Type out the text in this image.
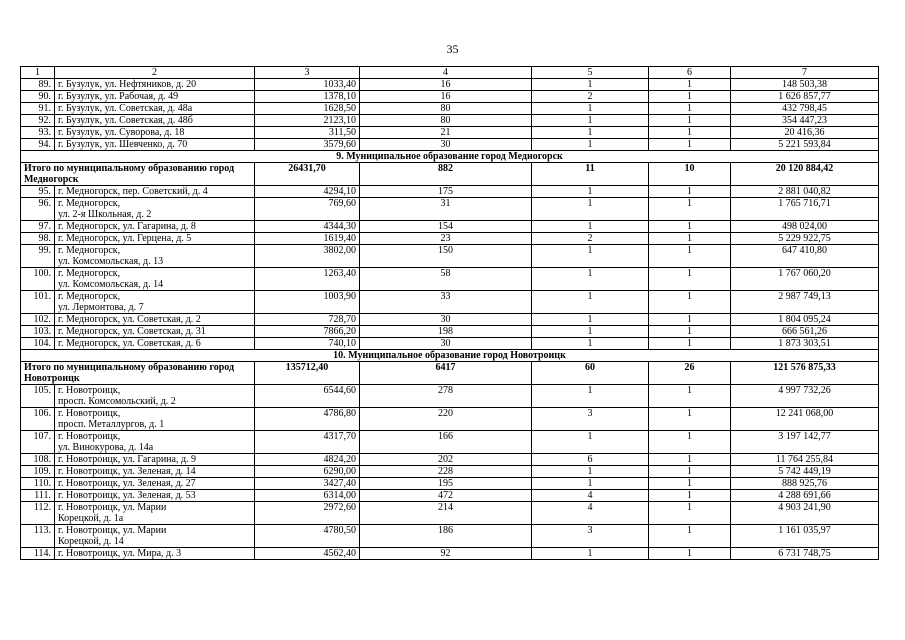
35
1	2	3	4	5	6	7
89.	г. Бузулук, ул. Нефтяников, д. 20	1033,40	16	1	1	148 503,38
90.	г. Бузулук, ул. Рабочая, д. 49	1378,10	16	2	1	1 626 857,77
91.	г. Бузулук, ул. Советская, д. 48а	1628,50	80	1	1	432 798,45
92.	г. Бузулук, ул. Советская, д. 48б	2123,10	80	1	1	354 447,23
93.	г. Бузулук, ул. Суворова, д. 18	311,50	21	1	1	20 416,36
94.	г. Бузулук, ул. Шевченко, д. 70	3579,60	30	1	1	5 221 593,84
9. Муниципальное образование город Медногорск						
Итого по муниципальному образованию город Медногорск		26431,70	882	11	10	20 120 884,42
95.	г. Медногорск, пер. Советский, д. 4	4294,10	175	1	1	2 881 040,82
96.	г. Медногорск,
ул. 2-я Школьная, д. 2	769,60	31	1	1	1 765 716,71
97.	г. Медногорск, ул. Гагарина, д. 8	4344,30	154	1	1	498 024,00
98.	г. Медногорск, ул. Герцена, д. 5	1619,40	23	2	1	5 229 922,75
99.	г. Медногорск,
ул. Комсомольская, д. 13	3802,00	150	1	1	647 410,80
100.	г. Медногорск,
ул. Комсомольская, д. 14	1263,40	58	1	1	1 767 060,20
101.	г. Медногорск,
ул. Лермонтова, д. 7	1003,90	33	1	1	2 987 749,13
102.	г. Медногорск, ул. Советская, д. 2	728,70	30	1	1	1 804 095,24
103.	г. Медногорск, ул. Советская, д. 31	7866,20	198	1	1	666 561,26
104.	г. Медногорск, ул. Советская, д. 6	740,10	30	1	1	1 873 303,51
10. Муниципальное образование город Новотроицк						
Итого по муниципальному образованию город Новотроицк		135712,40	6417	60	26	121 576 875,33
105.	г. Новотроицк,
просп. Комсомольский, д. 2	6544,60	278	1	1	4 997 732,26
106.	г. Новотроицк,
просп. Металлургов, д. 1	4786,80	220	3	1	12 241 068,00
107.	г. Новотроицк,
ул. Винокурова, д. 14а	4317,70	166	1	1	3 197 142,77
108.	г. Новотроицк, ул. Гагарина, д. 9	4824,20	202	6	1	11 764 255,84
109.	г. Новотроицк, ул. Зеленая, д. 14	6290,00	228	1	1	5 742 449,19
110.	г. Новотроицк, ул. Зеленая, д. 27	3427,40	195	1	1	888 925,76
111.	г. Новотроицк, ул. Зеленая, д. 53	6314,00	472	4	1	4 288 691,66
112.	г. Новотроицк, ул. Марии
Корецкой, д. 1а	2972,60	214	4	1	4 903 241,90
113.	г. Новотроицк, ул. Марии
Корецкой, д. 14	4780,50	186	3	1	1 161 035,97
114.	г. Новотроицк, ул. Мира, д. 3	4562,40	92	1	1	6 731 748,75
